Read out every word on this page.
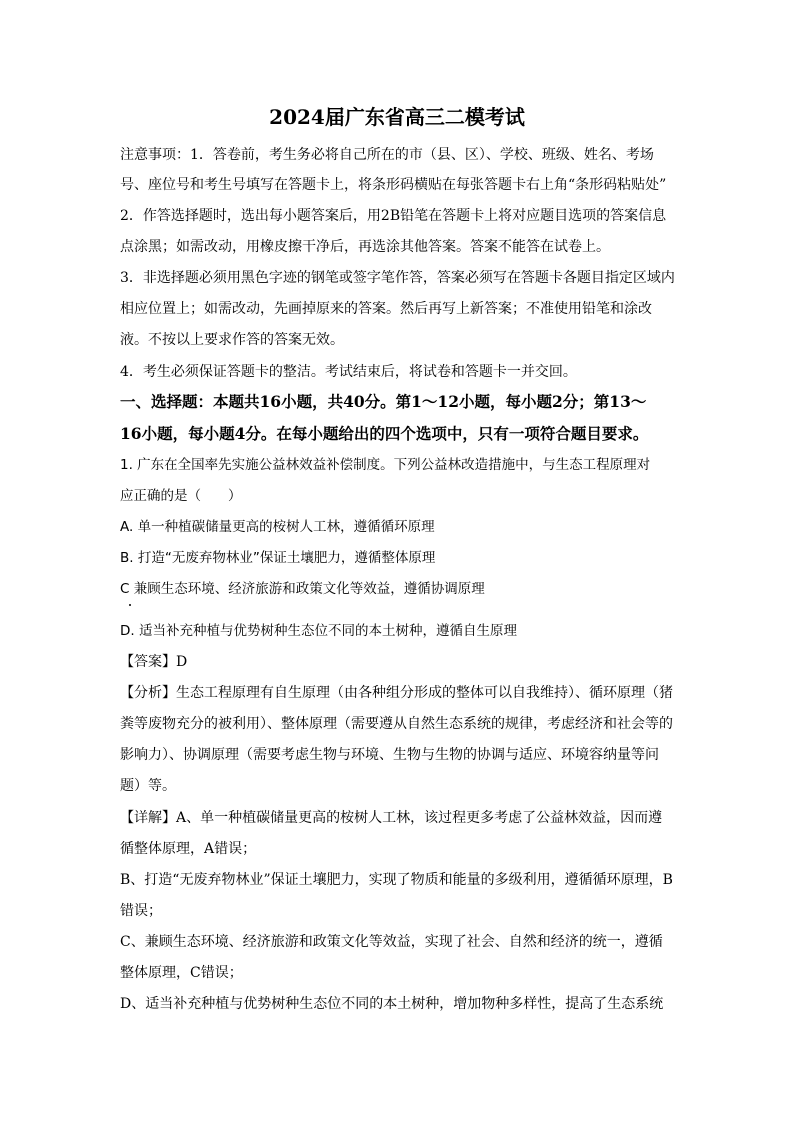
2024届广东省高三二模考试
注意事项：1．答卷前，考生务必将自己所在的市（县、区）、学校、班级、姓名、考场
号、座位号和考生号填写在答题卡上，将条形码横贴在每张答题卡右上角“条形码粘贴处”
2．作答选择题时，选出每小题答案后，用2B铅笔在答题卡上将对应题目选项的答案信息
点涂黑；如需改动，用橡皮擦干净后，再选涂其他答案。答案不能答在试卷上。
3．非选择题必须用黑色字迹的钢笔或签字笔作答，答案必须写在答题卡各题目指定区域内
相应位置上；如需改动，先画掉原来的答案。然后再写上新答案；不准使用铅笔和涂改
液。不按以上要求作答的答案无效。
4．考生必须保证答题卡的整洁。考试结束后，将试卷和答题卡一并交回。
一、选择题：本题共16小题，共40分。第1～12小题，每小题2分；第13～
16小题，每小题4分。在每小题给出的四个选项中，只有一项符合题目要求。
1. 广东在全国率先实施公益林效益补偿制度。下列公益林改造措施中，与生态工程原理对
应正确的是（　　）
A. 单一种植碳储量更高的桉树人工林，遵循循环原理
B. 打造“无废弃物林业”保证土壤肥力，遵循整体原理
C 兼顾生态环境、经济旅游和政策文化等效益，遵循协调原理
D. 适当补充种植与优势树种生态位不同的本土树种，遵循自生原理
【答案】D
【分析】生态工程原理有自生原理（由各种组分形成的整体可以自我维持）、循环原理（猪
粪等废物充分的被利用）、整体原理（需要遵从自然生态系统的规律，考虑经济和社会等的
影响力）、协调原理（需要考虑生物与环境、生物与生物的协调与适应、环境容纳量等问
题）等。
【详解】A、单一种植碳储量更高的桉树人工林，该过程更多考虑了公益林效益，因而遵
循整体原理，A错误；
B、打造“无废弃物林业”保证土壤肥力，实现了物质和能量的多级利用，遵循循环原理，B
错误；
C、兼顾生态环境、经济旅游和政策文化等效益，实现了社会、自然和经济的统一，遵循
整体原理，C错误；
D、适当补充种植与优势树种生态位不同的本土树种，增加物种多样性，提高了生态系统
